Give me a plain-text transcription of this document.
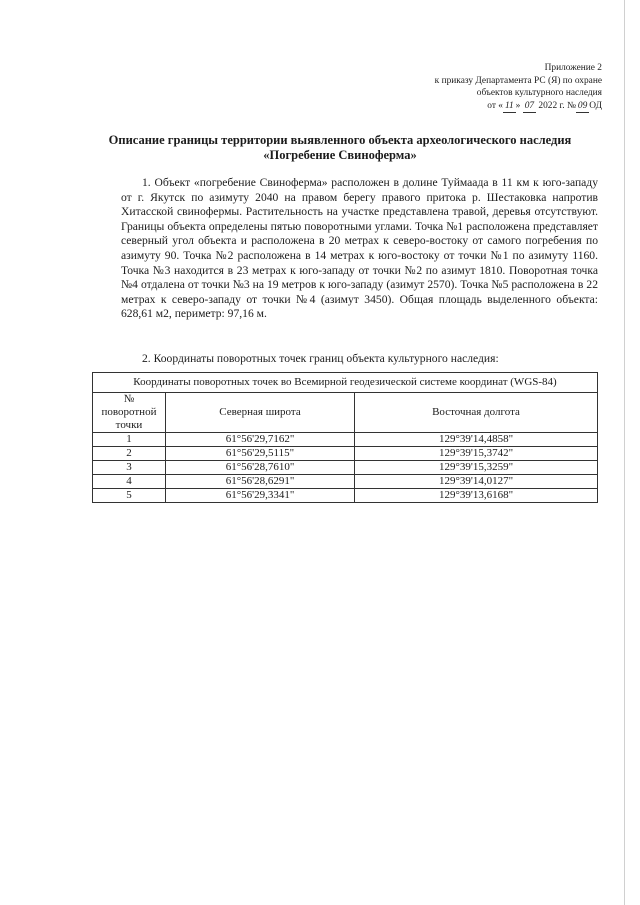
Приложение 2
к приказу Департамента РС (Я) по охране
объектов культурного наследия
от « 11 » 07 2022 г. № 09 ОД
Описание границы территории выявленного объекта археологического наследия
«Погребение Свиноферма»

1. Объект «погребение Свиноферма» расположен в долине Туймаада в 11 км к юго-западу от г. Якутск по азимуту 2040 на правом берегу правого притока р. Шестаковка напротив Хитасской свинофермы. Растительность на участке представлена травой, деревья отсутствуют. Границы объекта определены пятью поворотными углами. Точка №1 расположена представляет северный угол объекта и расположена в 20 метрах к северо-востоку от самого погребения по азимуту 90. Точка №2 расположена в 14 метрах к юго-востоку от точки №1 по азимуту 1160. Точка №3 находится в 23 метрах к юго-западу от точки №2 по азимут 1810. Поворотная точка №4 отдалена от точки №3 на 19 метров к юго-западу (азимут 2570). Точка №5 расположена в 22 метрах к северо-западу от точки №4 (азимут 3450). Общая площадь выделенного объекта: 628,61 м2, периметр: 97,16 м.

2. Координаты поворотных точек границ объекта культурного наследия:

Координаты поворотных точек во Всемирной геодезической системе координат (WGS-84)		
№ поворотной точки	Северная широта	Восточная долгота
1	61°56'29,7162"	129°39'14,4858"
2	61°56'29,5115"	129°39'15,3742"
3	61°56'28,7610"	129°39'15,3259"
4	61°56'28,6291"	129°39'14,0127"
5	61°56'29,3341"	129°39'13,6168"
